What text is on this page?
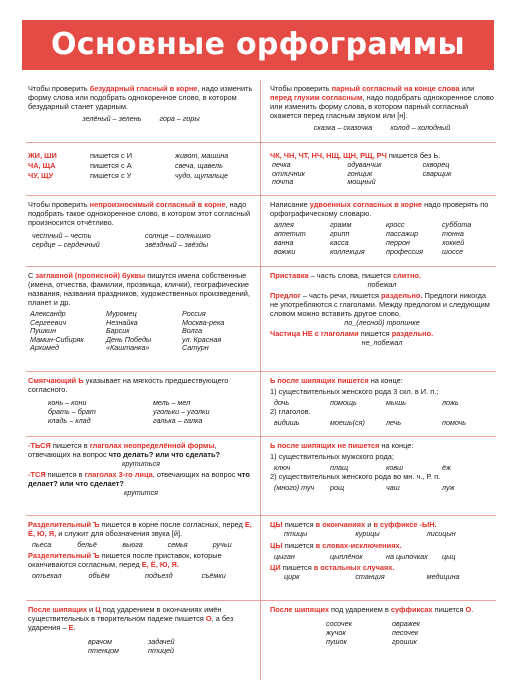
Основные орфограммы
Чтобы проверить безударный гласный в корне, надо изменить форму слова или подобрать однокоренное слово, в котором безударный станет ударным.
зелёный – зелень	гора – горы
Чтобы проверить парный согласный на конце слова или перед глухим согласным, надо подобрать однокоренное слово или изменить форму слова, в котором парный согласный окажется перед гласным звуком или [н].
сказка – сказочка	холод – холодный
ЖИ, ШИ	пишется с И	живот, машина
ЧА, ЩА	пишется с А	свеча, щавель
ЧУ, ЩУ	пишется с У	чудо, щупальце
ЧК, ЧН, ЧТ, НЧ, НЩ, ЩН, РЩ, РЧ пишется без Ь.
печка	одуванчик	скворец
отличник	гонщик	сварщик
почта	мощный
Чтобы проверить непроизносимый согласный в корне, надо подобрать такое однокоренное слово, в котором этот согласный произносится отчётливо.
честный – честь	солнце – солнышко
сердце – сердечный	звёздный – звёзды
Написание удвоенных согласных в корне надо проверять по орфографическому словарю.
аллея	грамм	кросс	суббота
аппетит	грипп	пассажир	тонна
ванна	касса	перрон	хоккей
вожжи	коллекция	профессия	шоссе
С заглавной (прописной) буквы пишутся имена собственные (имена, отчества, фамилии, прозвища, клички), географические названия, названия праздников, художественных произведений, планет и др.
Александр	Муромец	Россия
Сергеевич	Незнайка	Москва-река
Пушкин	Барсик	Волга
Мамин-Сибиряк	День Победы	ул. Красная
Архимед	«Каштанка»	Сатурн
Приставка – часть слова, пишется слитно.
побежал
Предлог – часть речи, пишется раздельно. Предлоги никогда не употребляются с глаголами. Между предлогом и следующим словом можно вставить другое слово.
по_(лесной) тропинке
Частица НЕ с глаголами пишется раздельно.
не_побежал
Смягчающий Ь указывает на мягкость предшествующего согласного.
конь – кони	мель – мел
брать – брат	угольки – уголки
кладь – клад	галька – галка
Ь после шипящих пишется на конце:
1) существительных женского рода 3 скл. в И. п.;
дочь	помощь	мышь	ложь
2) глаголов.
видишь	моешь(ся)	лечь	помочь
-ТЬСЯ пишется в глаголах неопределённой формы, отвечающих на вопрос что делать? или что сделать?
крутиться
-ТСЯ пишется в глаголах 3-го лица, отвечающих на вопрос что делает? или что сделает?
крутится
Ь после шипящих не пишется на конце:
1) существительных мужского рода;
ключ	плащ	ковш	ёж
2) существительных женского рода во мн. ч., Р. п.
(много) туч	рощ	чаш	луж
Разделительный Ъ пишется в корне после согласных, перед Е, Ё, Ю, Я, и служит для обозначения звука [й].
пьеса	бельё	вьюга	семья	ручьи
Разделительный Ъ пишется после приставок, которые оканчиваются согласным, перед Е, Ё, Ю, Я.
отъехал	объём	подъезд	съёмки
ЦЫ пишется в окончаниях и в суффиксе -ЫН.
птицы	курицы	лисицын
ЦЫ пишется в словах-исключениях.
цыган	цыплёнок	на цыпочках	цыц
ЦИ пишется в остальных случаях.
цирк	станция	медицина
После шипящих и Ц под ударением в окончаниях имён существительных в творительном падеже пишется О, а без ударения – Е.
врачом	задачей
птенцом	птицей
После шипящих под ударением в суффиксах пишется О.
сосочек	овражек
жучок	песочек
пушок	грошик
